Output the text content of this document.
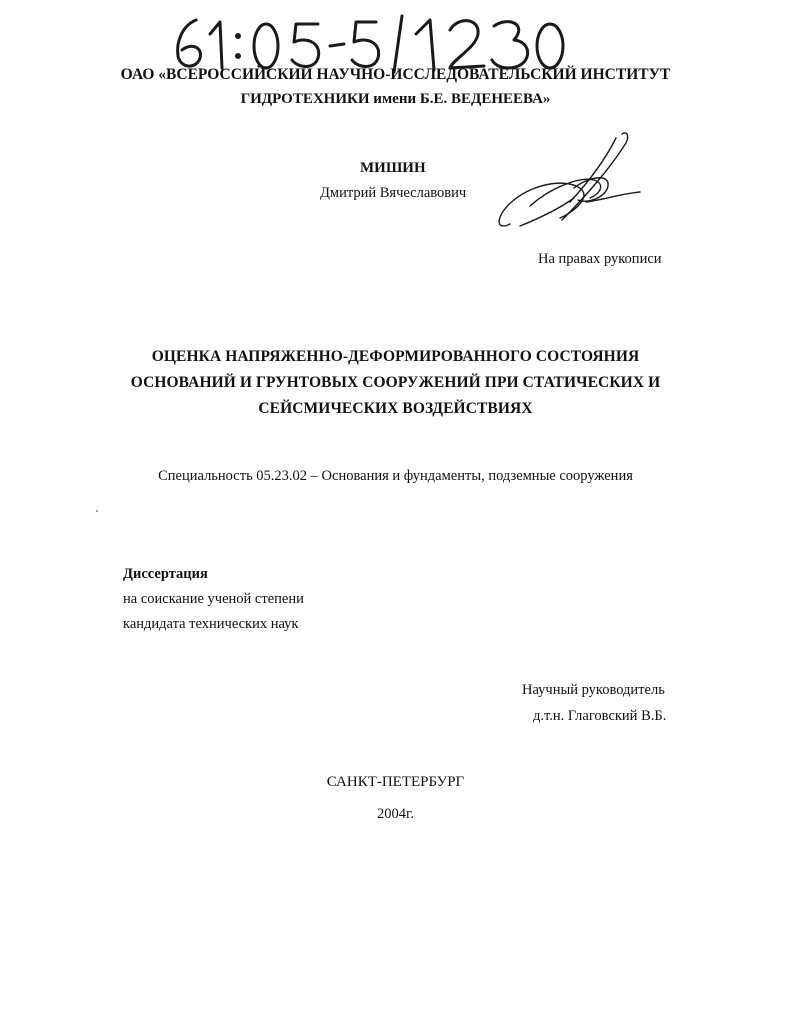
ОАО «ВСЕРОССИЙСКИЙ НАУЧНО-ИССЛЕДОВАТЕЛЬСКИЙ ИНСТИТУТ
ГИДРОТЕХНИКИ имени Б.Е. ВЕДЕНЕЕВА»
МИШИН
Дмитрий Вячеславович
На правах рукописи
ОЦЕНКА НАПРЯЖЕННО-ДЕФОРМИРОВАННОГО СОСТОЯНИЯ
ОСНОВАНИЙ И ГРУНТОВЫХ СООРУЖЕНИЙ ПРИ СТАТИЧЕСКИХ И
СЕЙСМИЧЕСКИХ ВОЗДЕЙСТВИЯХ
Специальность 05.23.02 – Основания и фундаменты, подземные сооружения
Диссертация
на соискание ученой степени
кандидата технических наук
Научный руководитель
д.т.н. Глаговский В.Б.
САНКТ-ПЕТЕРБУРГ
2004г.
